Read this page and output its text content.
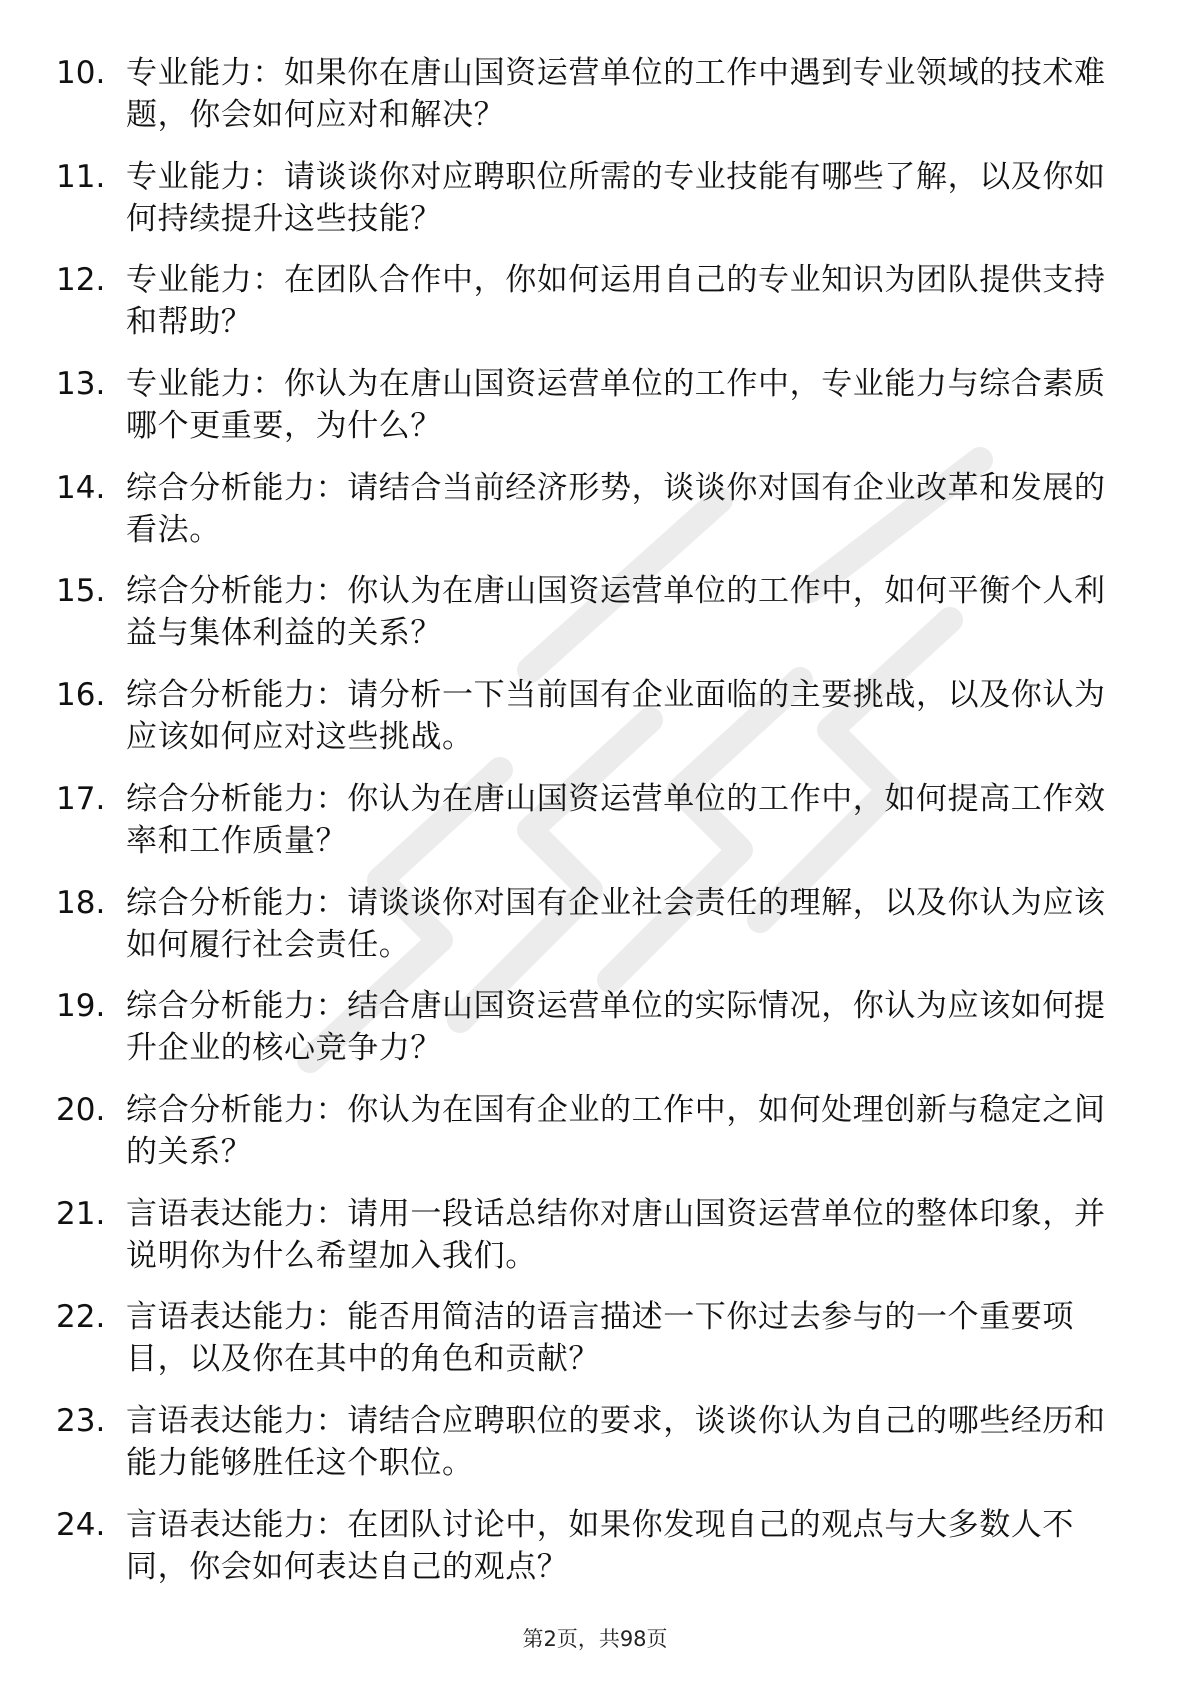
10. 专业能力：如果你在唐山国资运营单位的工作中遇到专业领域的技术难题，你会如何应对和解决？
11. 专业能力：请谈谈你对应聘职位所需的专业技能有哪些了解，以及你如何持续提升这些技能？
12. 专业能力：在团队合作中，你如何运用自己的专业知识为团队提供支持和帮助？
13. 专业能力：你认为在唐山国资运营单位的工作中，专业能力与综合素质哪个更重要，为什么？
14. 综合分析能力：请结合当前经济形势，谈谈你对国有企业改革和发展的看法。
15. 综合分析能力：你认为在唐山国资运营单位的工作中，如何平衡个人利益与集体利益的关系？
16. 综合分析能力：请分析一下当前国有企业面临的主要挑战，以及你认为应该如何应对这些挑战。
17. 综合分析能力：你认为在唐山国资运营单位的工作中，如何提高工作效率和工作质量？
18. 综合分析能力：请谈谈你对国有企业社会责任的理解，以及你认为应该如何履行社会责任。
19. 综合分析能力：结合唐山国资运营单位的实际情况，你认为应该如何提升企业的核心竞争力？
20. 综合分析能力：你认为在国有企业的工作中，如何处理创新与稳定之间的关系？
21. 言语表达能力：请用一段话总结你对唐山国资运营单位的整体印象，并说明你为什么希望加入我们。
22. 言语表达能力：能否用简洁的语言描述一下你过去参与的一个重要项目，以及你在其中的角色和贡献？
23. 言语表达能力：请结合应聘职位的要求，谈谈你认为自己的哪些经历和能力能够胜任这个职位。
24. 言语表达能力：在团队讨论中，如果你发现自己的观点与大多数人不同，你会如何表达自己的观点？
第2页，共98页
